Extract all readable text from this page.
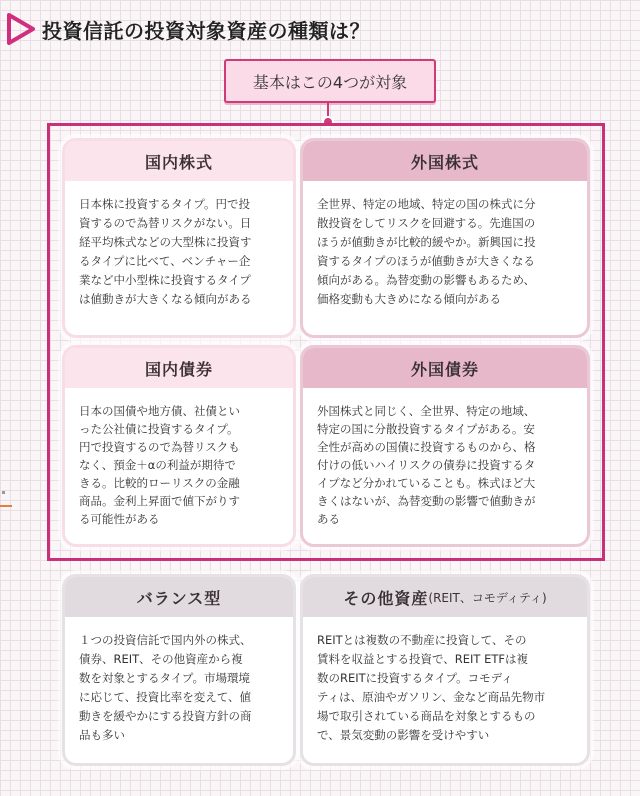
投資信託の投資対象資産の種類は？
基本はこの4つが対象
国内株式
日本株に投資するタイプ。円で投
資するので為替リスクがない。日
経平均株式などの大型株に投資す
るタイプに比べて、ベンチャー企
業など中小型株に投資するタイプ
は値動きが大きくなる傾向がある
外国株式
全世界、特定の地域、特定の国の株式に分
散投資をしてリスクを回避する。先進国の
ほうが値動きが比較的緩やか。新興国に投
資するタイプのほうが値動きが大きくなる
傾向がある。為替変動の影響もあるため、
価格変動も大きめになる傾向がある
国内債券
日本の国債や地方債、社債とい
った公社債に投資するタイプ。
円で投資するので為替リスクも
なく、預金＋αの利益が期待で
きる。比較的ローリスクの金融
商品。金利上昇面で値下がりす
る可能性がある
外国債券
外国株式と同じく、全世界、特定の地域、
特定の国に分散投資するタイプがある。安
全性が高めの国債に投資するものから、格
付けの低いハイリスクの債券に投資するタ
イプなど分かれていることも。株式ほど大
きくはないが、為替変動の影響で値動きが
ある
バランス型
１つの投資信託で国内外の株式、
債券、REIT、その他資産から複
数を対象とするタイプ。市場環境
に応じて、投資比率を変えて、値
動きを緩やかにする投資方針の商
品も多い
その他資産 (REIT、コモディティ)
REITとは複数の不動産に投資して、その
賃料を収益とする投資で、REIT ETFは複
数のREITに投資するタイプ。コモディ
ティは、原油やガソリン、金など商品先物市
場で取引されている商品を対象とするもの
で、景気変動の影響を受けやすい
